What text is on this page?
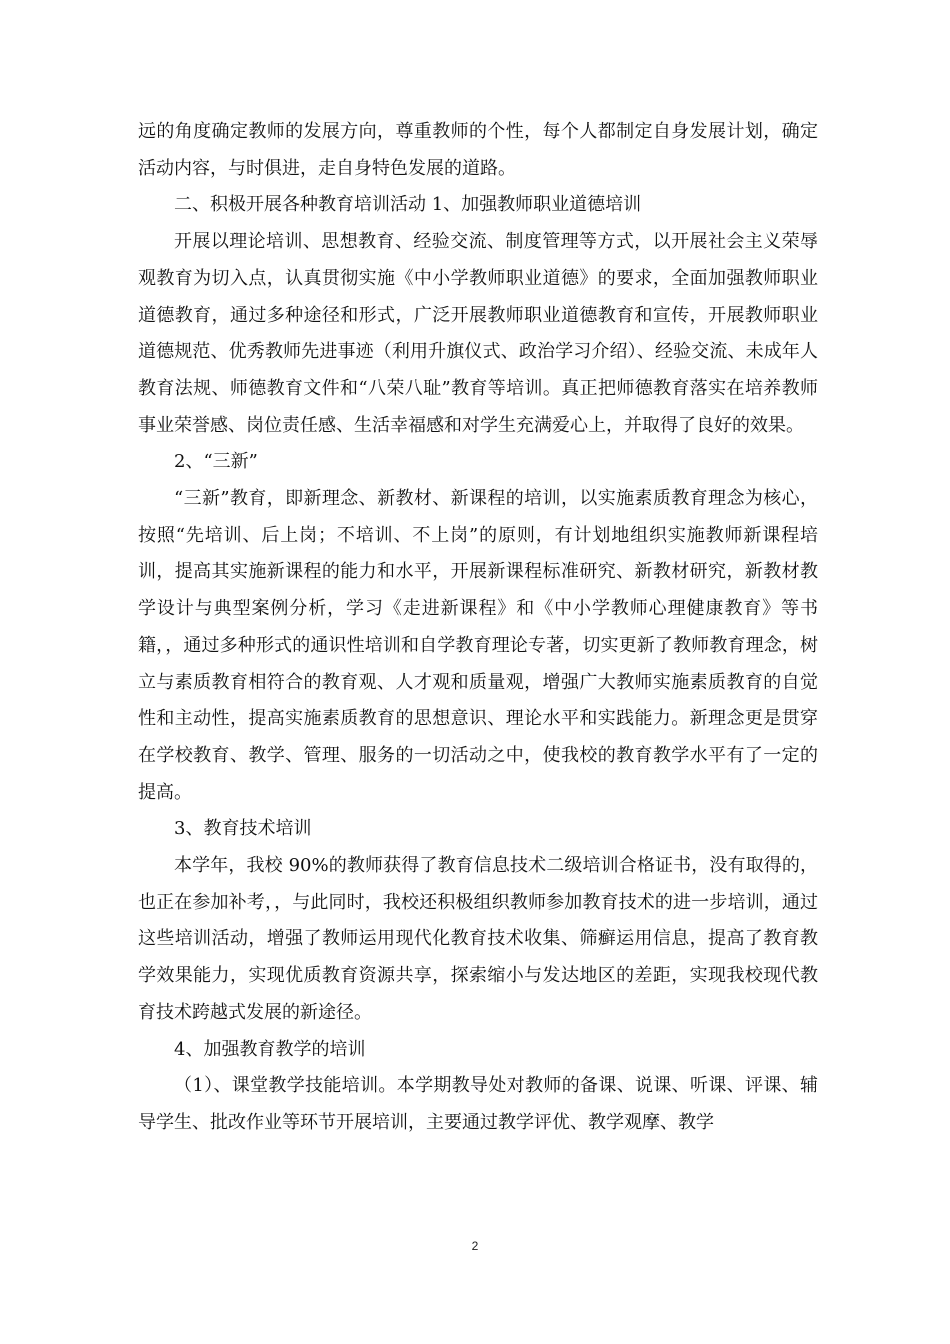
远的角度确定教师的发展方向，尊重教师的个性，每个人都制定自身发展计划，确定活动内容，与时俱进，走自身特色发展的道路。

二、积极开展各种教育培训活动 1、加强教师职业道德培训

开展以理论培训、思想教育、经验交流、制度管理等方式，以开展社会主义荣辱观教育为切入点，认真贯彻实施《中小学教师职业道德》的要求，全面加强教师职业道德教育，通过多种途径和形式，广泛开展教师职业道德教育和宣传，开展教师职业道德规范、优秀教师先进事迹（利用升旗仪式、政治学习介绍）、经验交流、未成年人教育法规、师德教育文件和“八荣八耻”教育等培训。真正把师德教育落实在培养教师事业荣誉感、岗位责任感、生活幸福感和对学生充满爱心上，并取得了良好的效果。

2、“三新”

“三新”教育，即新理念、新教材、新课程的培训，以实施素质教育理念为核心，按照“先培训、后上岗；不培训、不上岗”的原则，有计划地组织实施教师新课程培训，提高其实施新课程的能力和水平，开展新课程标准研究、新教材研究，新教材教学设计与典型案例分析，学习《走进新课程》和《中小学教师心理健康教育》等书籍，，通过多种形式的通识性培训和自学教育理论专著，切实更新了教师教育理念，树立与素质教育相符合的教育观、人才观和质量观，增强广大教师实施素质教育的自觉性和主动性，提高实施素质教育的思想意识、理论水平和实践能力。新理念更是贯穿在学校教育、教学、管理、服务的一切活动之中，使我校的教育教学水平有了一定的提高。

3、教育技术培训

本学年，我校 90%的教师获得了教育信息技术二级培训合格证书，没有取得的，也正在参加补考，，与此同时，我校还积极组织教师参加教育技术的进一步培训，通过这些培训活动，增强了教师运用现代化教育技术收集、筛癣运用信息，提高了教育教学效果能力，实现优质教育资源共享，探索缩小与发达地区的差距，实现我校现代教育技术跨越式发展的新途径。

4、加强教育教学的培训

（1）、课堂教学技能培训。本学期教导处对教师的备课、说课、听课、评课、辅导学生、批改作业等环节开展培训，主要通过教学评优、教学观摩、教学

2
